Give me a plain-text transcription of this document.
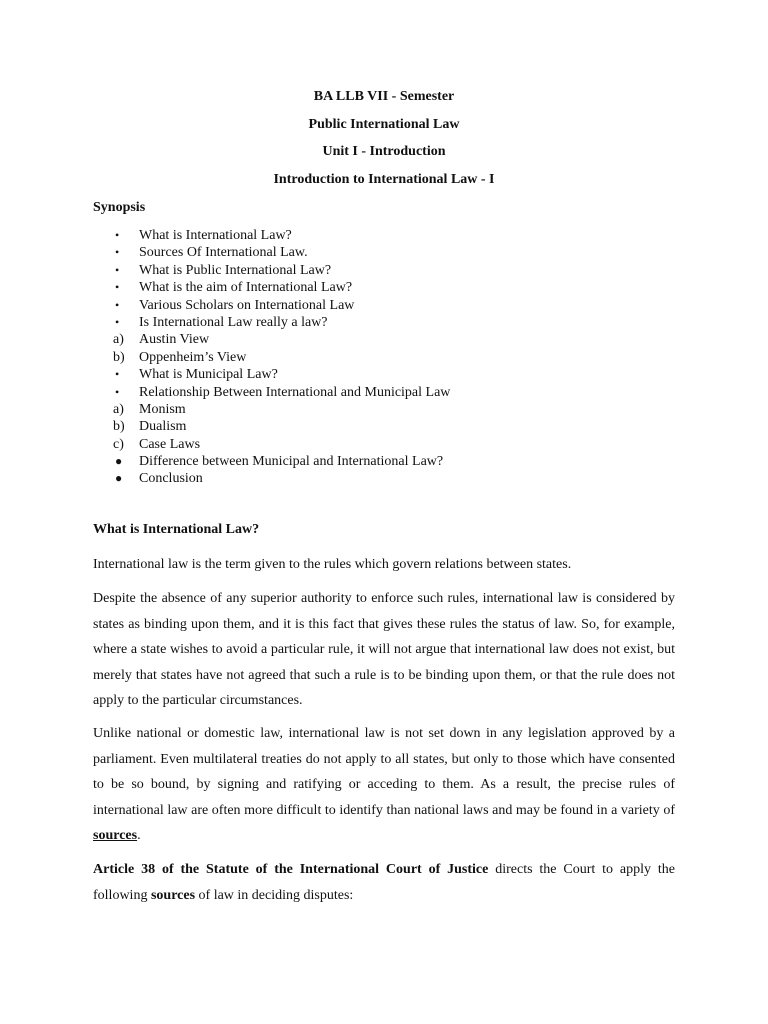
BA LLB VII - Semester
Public International Law
Unit I - Introduction
Introduction to International Law - I
Synopsis
•	What is International Law?
•	Sources Of International Law.
•	What is Public International Law?
•	What is the aim of International Law?
•	Various Scholars on International Law
•	Is International Law really a law?
a)	Austin View
b)	Oppenheim’s View
•	What is Municipal Law?
•	Relationship Between International and Municipal Law
a)	Monism
b)	Dualism
c)	Case Laws
●	Difference between Municipal and International Law?
●	Conclusion
What is International Law?

International law is the term given to the rules which govern relations between states.

Despite the absence of any superior authority to enforce such rules, international law is considered by states as binding upon them, and it is this fact that gives these rules the status of law. So, for example, where a state wishes to avoid a particular rule, it will not argue that international law does not exist, but merely that states have not agreed that such a rule is to be binding upon them, or that the rule does not apply to the particular circumstances.

Unlike national or domestic law, international law is not set down in any legislation approved by a parliament. Even multilateral treaties do not apply to all states, but only to those which have consented to be so bound, by signing and ratifying or acceding to them. As a result, the precise rules of international law are often more difficult to identify than national laws and may be found in a variety of sources.

Article 38 of the Statute of the International Court of Justice directs the Court to apply the following sources of law in deciding disputes:
